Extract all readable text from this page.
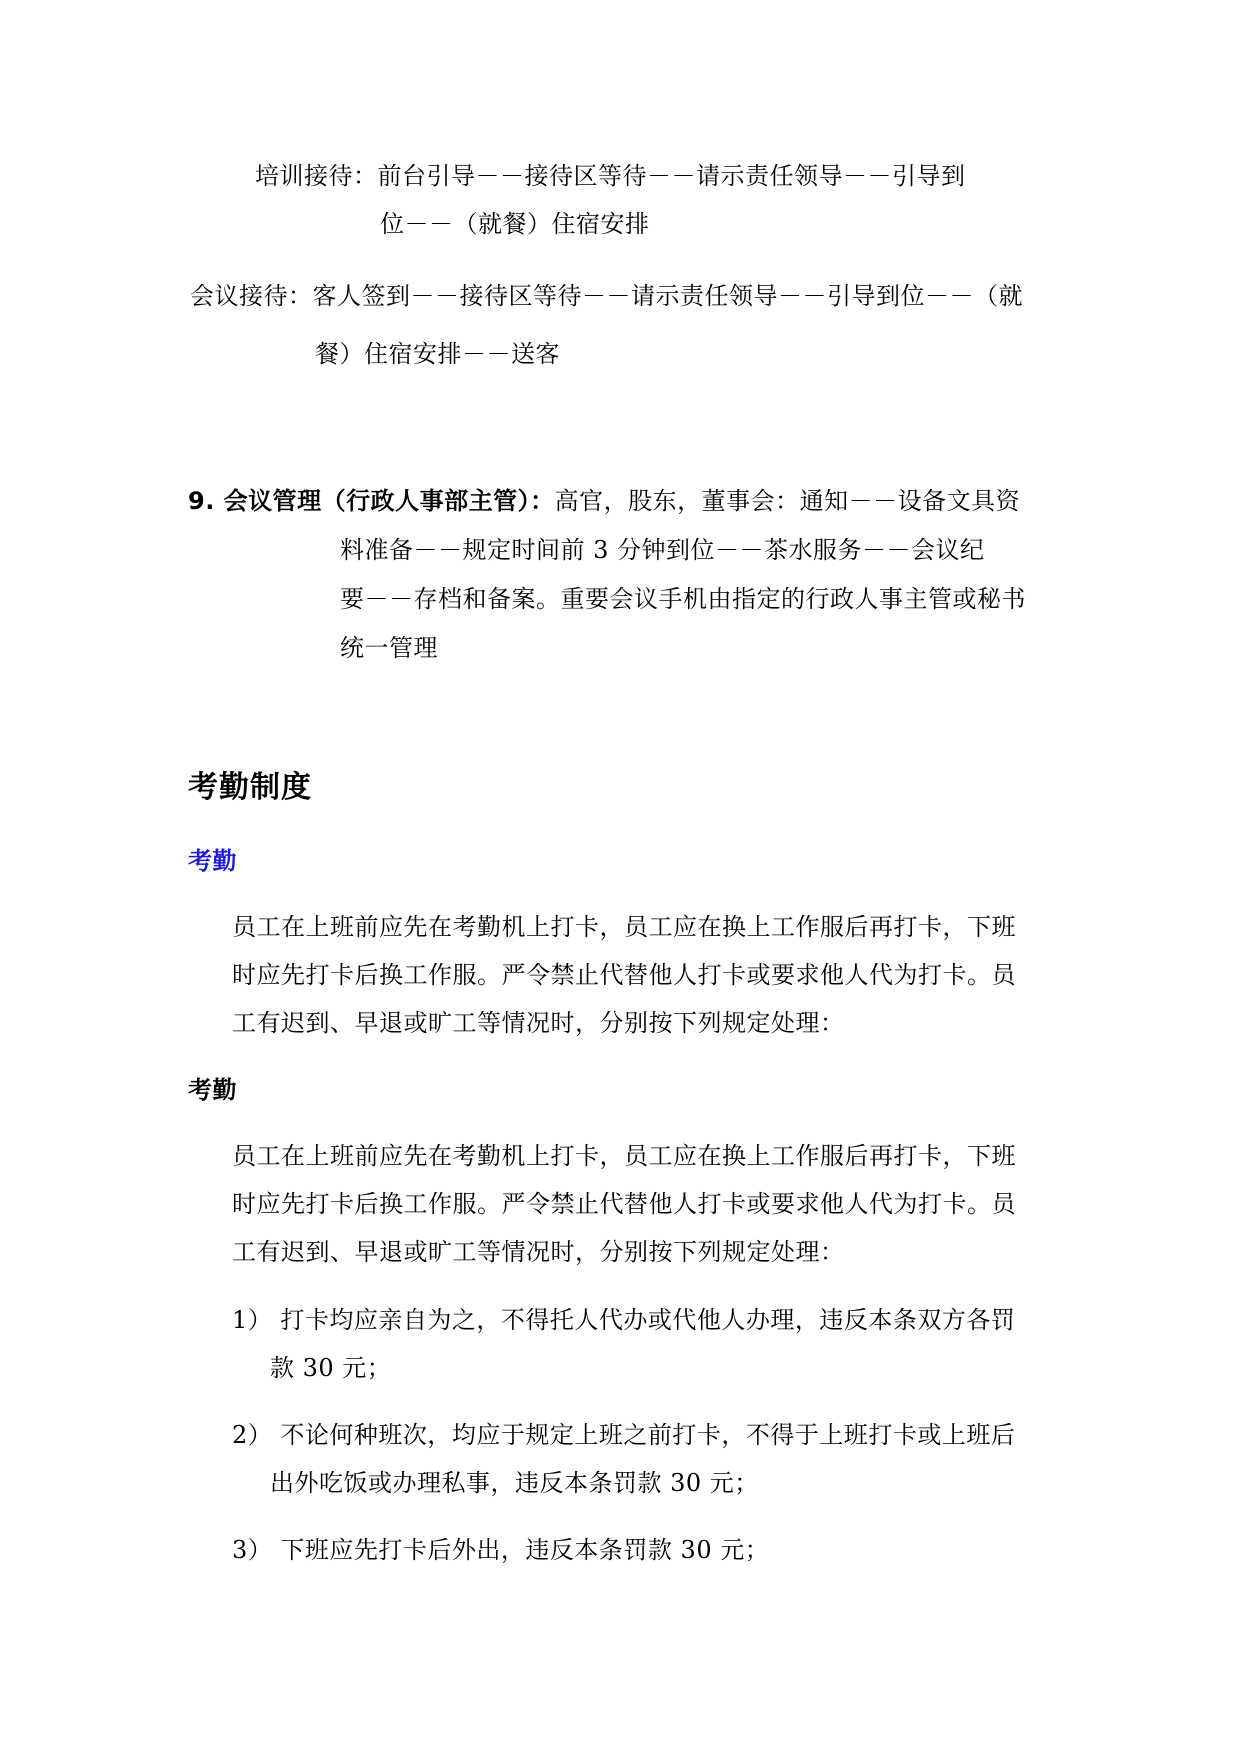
培训接待：前台引导－－接待区等待－－请示责任领导－－引导到
位－－（就餐）住宿安排
会议接待：客人签到－－接待区等待－－请示责任领导－－引导到位－－（就
餐）住宿安排－－送客
9. 会议管理（行政人事部主管）：高官，股东，董事会：通知－－设备文具资
料准备－－规定时间前 3 分钟到位－－茶水服务－－会议纪
要－－存档和备案。重要会议手机由指定的行政人事主管或秘书
统一管理
考勤制度
考勤
员工在上班前应先在考勤机上打卡，员工应在换上工作服后再打卡，下班
时应先打卡后换工作服。严令禁止代替他人打卡或要求他人代为打卡。员
工有迟到、早退或旷工等情况时，分别按下列规定处理：
考勤
员工在上班前应先在考勤机上打卡，员工应在换上工作服后再打卡，下班
时应先打卡后换工作服。严令禁止代替他人打卡或要求他人代为打卡。员
工有迟到、早退或旷工等情况时，分别按下列规定处理：
1） 打卡均应亲自为之，不得托人代办或代他人办理，违反本条双方各罚
款 30 元；
2） 不论何种班次，均应于规定上班之前打卡，不得于上班打卡或上班后
出外吃饭或办理私事，违反本条罚款 30 元；
3） 下班应先打卡后外出，违反本条罚款 30 元；
